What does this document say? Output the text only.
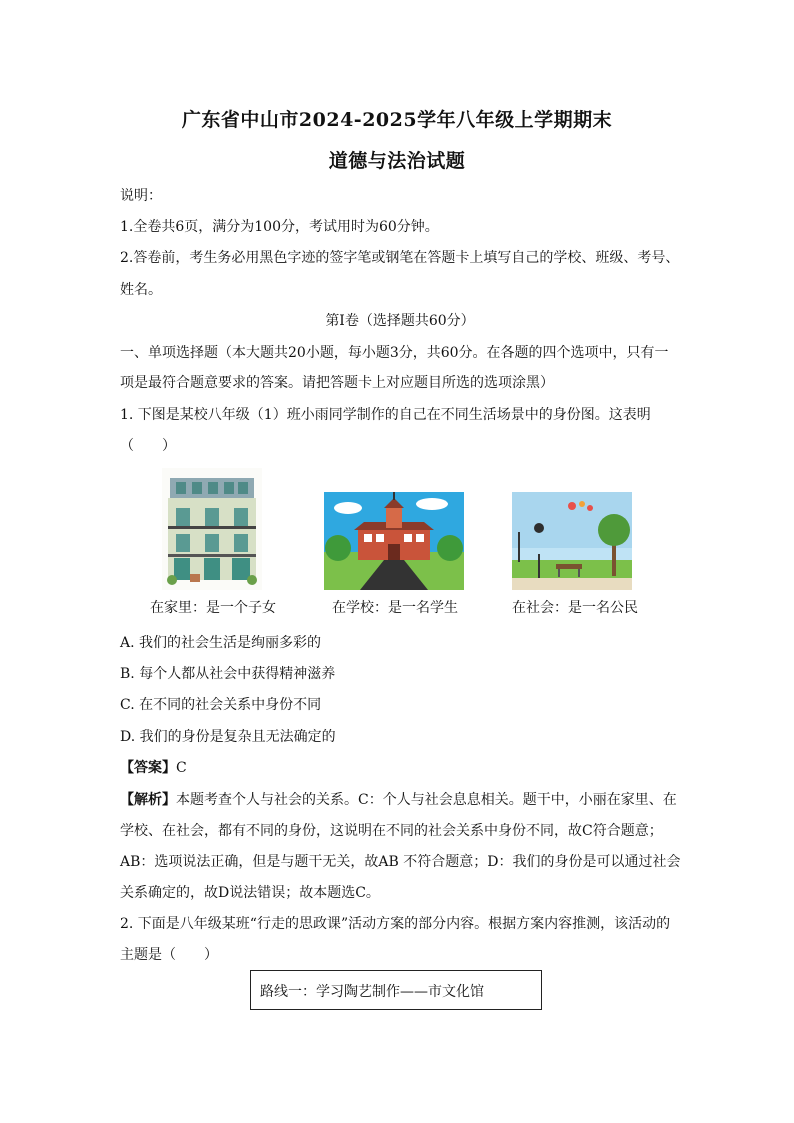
广东省中山市2024-2025学年八年级上学期期末
道德与法治试题
说明：
1.全卷共6页，满分为100分，考试用时为60分钟。
2.答卷前，考生务必用黑色字迹的签字笔或钢笔在答题卡上填写自己的学校、班级、考号、
姓名。
第Ⅰ卷（选择题共60分）
一、单项选择题（本大题共20小题，每小题3分，共60分。在各题的四个选项中，只有一
项是最符合题意要求的答案。请把答题卡上对应题目所选的选项涂黑）
1. 下图是某校八年级（1）班小雨同学制作的自己在不同生活场景中的身份图。这表明
（　　）
在家里：是一个子女	在学校：是一名学生	在社会：是一名公民
A. 我们的社会生活是绚丽多彩的
B. 每个人都从社会中获得精神滋养
C. 在不同的社会关系中身份不同
D. 我们的身份是复杂且无法确定的
【答案】C
【解析】本题考查个人与社会的关系。C：个人与社会息息相关。题干中，小丽在家里、在
学校、在社会，都有不同的身份，这说明在不同的社会关系中身份不同，故C符合题意；
AB：选项说法正确，但是与题干无关，故AB 不符合题意；D：我们的身份是可以通过社会
关系确定的，故D说法错误；故本题选C。
2. 下面是八年级某班“行走的思政课”活动方案的部分内容。根据方案内容推测，该活动的
主题是（　　）
路线一：学习陶艺制作——市文化馆
